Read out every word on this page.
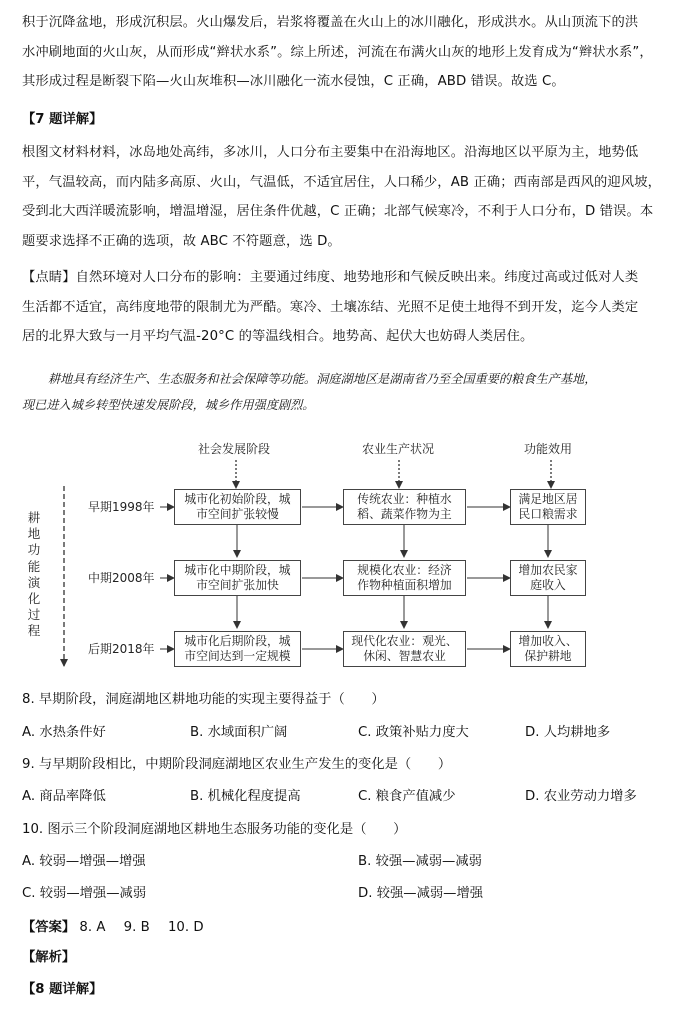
积于沉降盆地，形成沉积层。火山爆发后，岩浆将覆盖在火山上的冰川融化，形成洪水。从山顶流下的洪
水冲刷地面的火山灰，从而形成“辫状水系”。综上所述，河流在布满火山灰的地形上发育成为“辫状水系”，
其形成过程是断裂下陷—火山灰堆积—冰川融化一流水侵蚀，C 正确，ABD 错误。故选 C。
【7 题详解】
根图文材料材料，冰岛地处高纬，多冰川，人口分布主要集中在沿海地区。沿海地区以平原为主，地势低
平，气温较高，而内陆多高原、火山，气温低，不适宜居住，人口稀少，AB 正确；西南部是西风的迎风坡，
受到北大西洋暖流影响，增温增湿，居住条件优越，C 正确；北部气候寒冷，不利于人口分布，D 错误。本
题要求选择不正确的选项，故 ABC 不符题意，选 D。
【点睛】自然环境对人口分布的影响：主要通过纬度、地势地形和气候反映出来。纬度过高或过低对人类
生活都不适宜，高纬度地带的限制尤为严酷。寒冷、土壤冻结、光照不足使土地得不到开发，迄今人类定
居的北界大致与一月平均气温-20°C 的等温线相合。地势高、起伏大也妨碍人类居住。
耕地具有经济生产、生态服务和社会保障等功能。洞庭湖地区是湖南省乃至全国重要的粮食生产基地，
现已进入城乡转型快速发展阶段，城乡作用强度剧烈。
社会发展阶段	农业生产状况	功能效用
耕地功能演化过程
早期1998年
城市化初始阶段，城
市空间扩张较慢
传统农业：种植水
稻、蔬菜作物为主
满足地区居
民口粮需求
中期2008年
城市化中期阶段，城
市空间扩张加快
规模化农业：经济
作物种植面积增加
增加农民家
庭收入
后期2018年
城市化后期阶段，城
市空间达到一定规模
现代化农业：观光、
休闲、智慧农业
增加收入、
保护耕地
8. 早期阶段，洞庭湖地区耕地功能的实现主要得益于（　　）
A. 水热条件好	B. 水域面积广阔	C. 政策补贴力度大	D. 人均耕地多
9. 与早期阶段相比，中期阶段洞庭湖地区农业生产发生的变化是（　　）
A. 商品率降低	B. 机械化程度提高	C. 粮食产值减少	D. 农业劳动力增多
10. 图示三个阶段洞庭湖地区耕地生态服务功能的变化是（　　）
A. 较弱—增强—增强	B. 较强—减弱—减弱
C. 较弱—增强—减弱	D. 较强—减弱—增强
【答案】 8. A 9. B 10. D
【解析】
【8 题详解】
